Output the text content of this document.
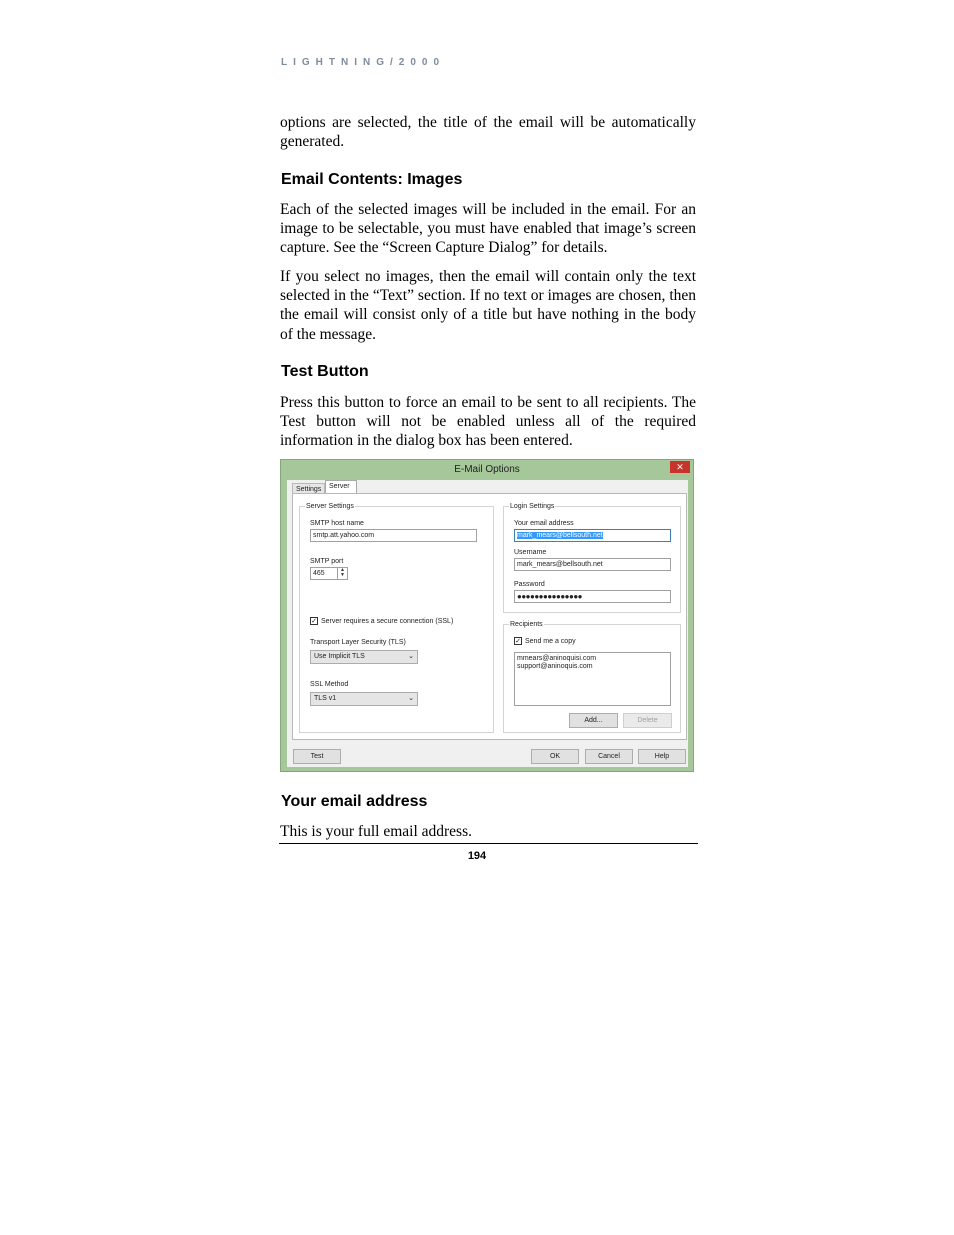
LIGHTNING/2000

options are selected, the title of the email will be automatically generated.

Email Contents: Images

Each of the selected images will be included in the email. For an image to be selectable, you must have enabled that image’s screen capture. See the “Screen Capture Dialog” for details.

If you select no images, then the email will contain only the text selected in the “Text” section. If no text or images are chosen, then the email will consist only of a title but have nothing in the body of the message.

Test Button

Press this button to force an email to be sent to all recipients. The Test button will not be enabled unless all of the required information in the dialog box has been entered.

E-Mail Options	✕
Settings	Server
Server Settings
SMTP host name
smtp.att.yahoo.com
SMTP port
465	▲
▼
✓ Server requires a secure connection (SSL)
Transport Layer Security (TLS)
Use Implicit TLS	⌄
SSL Method
TLS v1	⌄
Login Settings
Your email address
mark_mears@bellsouth.net
Username
mark_mears@bellsouth.net
Password
●●●●●●●●●●●●●●●
Recipients
✓ Send me a copy
mmears@aninoquisi.com
support@aninoquis.com
Add...	Delete
Test	OK	Cancel	Help
Your email address

This is your full email address.

194
